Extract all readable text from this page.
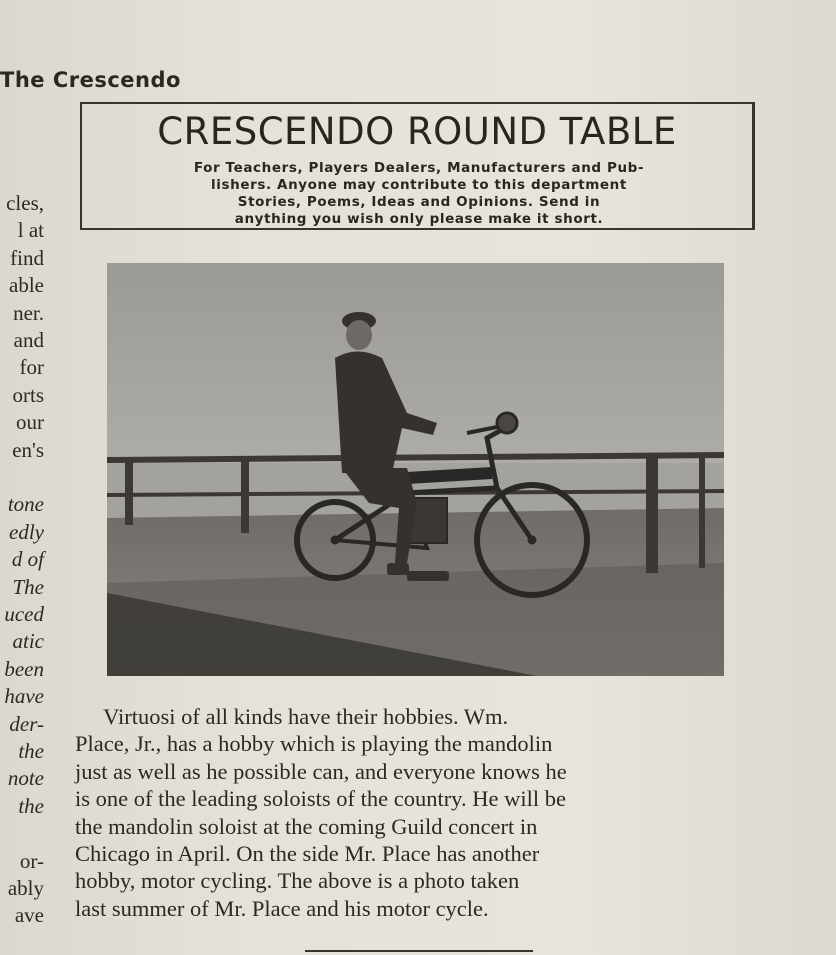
The Crescendo
cles,
l at
find
able
ner.
and
for
orts
our
en's
tone
edly
d of
The
uced
atic
been
have
der-
the
note
the
or-
ably
ave
CRESCENDO ROUND TABLE
For Teachers, Players Dealers, Manufacturers and Pub-
lishers. Anyone may contribute to this department
Stories, Poems, Ideas and Opinions. Send in
anything you wish only please make it short.
Virtuosi of all kinds have their hobbies. Wm.
Place, Jr., has a hobby which is playing the mandolin
just as well as he possible can, and everyone knows he
is one of the leading soloists of the country. He will be
the mandolin soloist at the coming Guild concert in
Chicago in April. On the side Mr. Place has another
hobby, motor cycling. The above is a photo taken
last summer of Mr. Place and his motor cycle.
